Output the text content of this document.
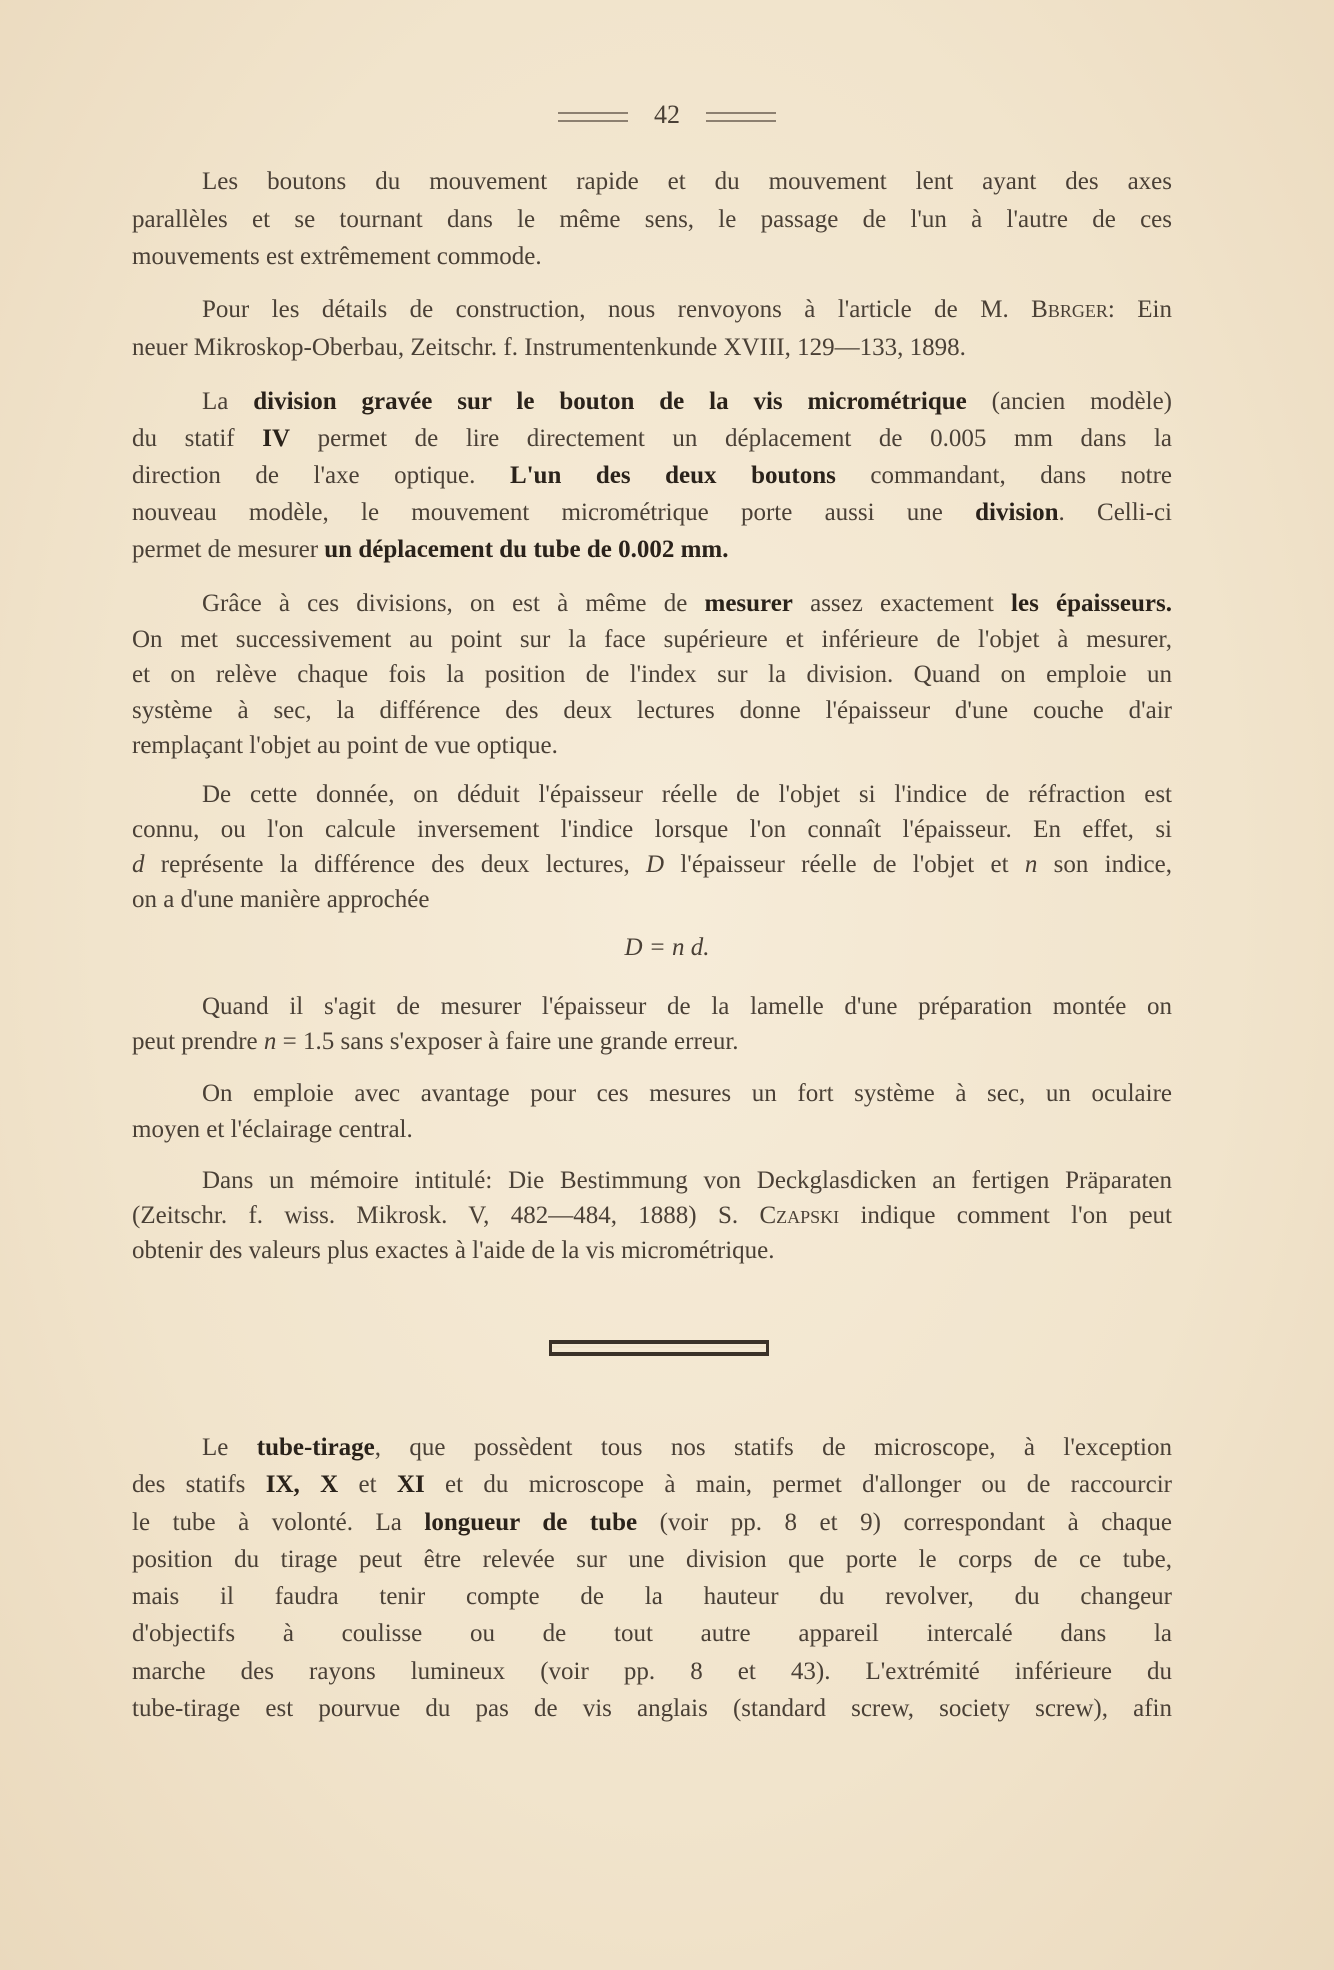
42
Les boutons du mouvement rapide et du mouvement lent ayant des axes
parallèles et se tournant dans le même sens, le passage de l'un à l'autre de ces
mouvements est extrêmement commode.
Pour les détails de construction, nous renvoyons à l'article de M. Bbrger: Ein
neuer Mikroskop-Oberbau, Zeitschr. f. Instrumentenkunde XVIII, 129—133, 1898.
La division gravée sur le bouton de la vis micrométrique (ancien modèle)
du statif IV permet de lire directement un déplacement de 0.005 mm dans la
direction de l'axe optique. L'un des deux boutons commandant, dans notre
nouveau modèle, le mouvement micrométrique porte aussi une division. Celli-ci
permet de mesurer un déplacement du tube de 0.002 mm.
Grâce à ces divisions, on est à même de mesurer assez exactement les épaisseurs.
On met successivement au point sur la face supérieure et inférieure de l'objet à mesurer,
et on relève chaque fois la position de l'index sur la division. Quand on emploie un
système à sec, la différence des deux lectures donne l'épaisseur d'une couche d'air
remplaçant l'objet au point de vue optique.
De cette donnée, on déduit l'épaisseur réelle de l'objet si l'indice de réfraction est
connu, ou l'on calcule inversement l'indice lorsque l'on connaît l'épaisseur. En effet, si
d représente la différence des deux lectures, D l'épaisseur réelle de l'objet et n son indice,
on a d'une manière approchée
Quand il s'agit de mesurer l'épaisseur de la lamelle d'une préparation montée on
peut prendre n = 1.5 sans s'exposer à faire une grande erreur.
On emploie avec avantage pour ces mesures un fort système à sec, un oculaire
moyen et l'éclairage central.
Dans un mémoire intitulé: Die Bestimmung von Deckglasdicken an fertigen Präparaten
(Zeitschr. f. wiss. Mikrosk. V, 482—484, 1888) S. Czapski indique comment l'on peut
obtenir des valeurs plus exactes à l'aide de la vis micrométrique.
Le tube-tirage, que possèdent tous nos statifs de microscope, à l'exception
des statifs IX, X et XI et du microscope à main, permet d'allonger ou de raccourcir
le tube à volonté. La longueur de tube (voir pp. 8 et 9) correspondant à chaque
position du tirage peut être relevée sur une division que porte le corps de ce tube,
mais il faudra tenir compte de la hauteur du revolver, du changeur
d'objectifs à coulisse ou de tout autre appareil intercalé dans la
marche des rayons lumineux (voir pp. 8 et 43). L'extrémité inférieure du
tube-tirage est pourvue du pas de vis anglais (standard screw, society screw), afin
D = n d.
